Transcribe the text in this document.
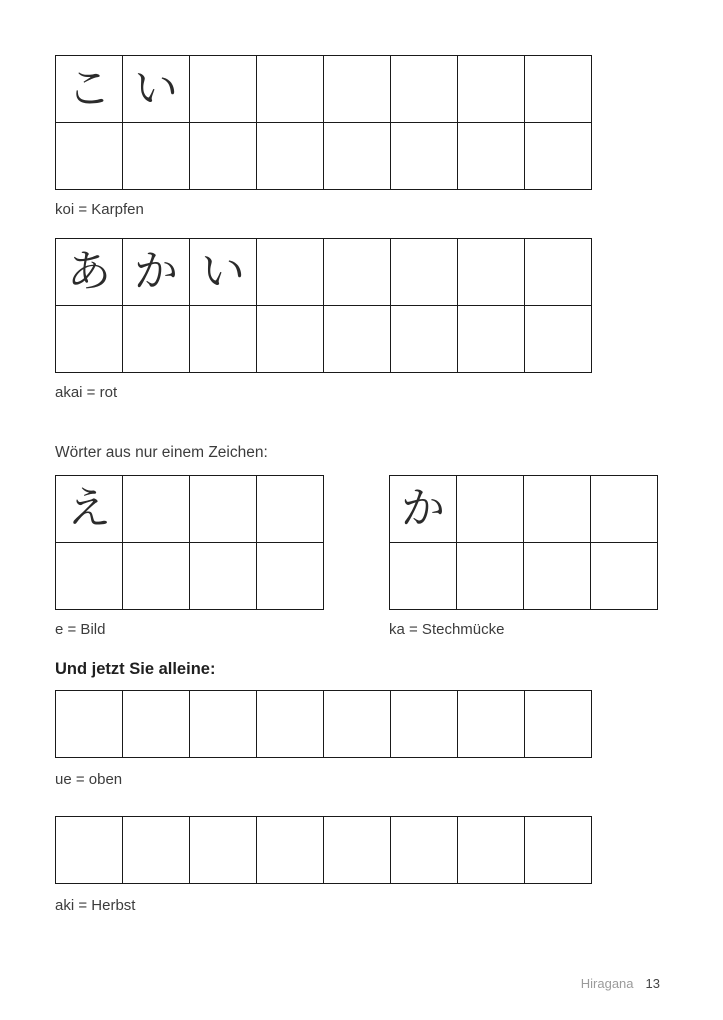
こ い

koi = Karpfen

あ か い

akai = rot

Wörter aus nur einem Zeichen:

え

e = Bild

か

ka = Stechmücke

Und jetzt Sie alleine:

ue = oben

aki = Herbst

Hiragana 13
